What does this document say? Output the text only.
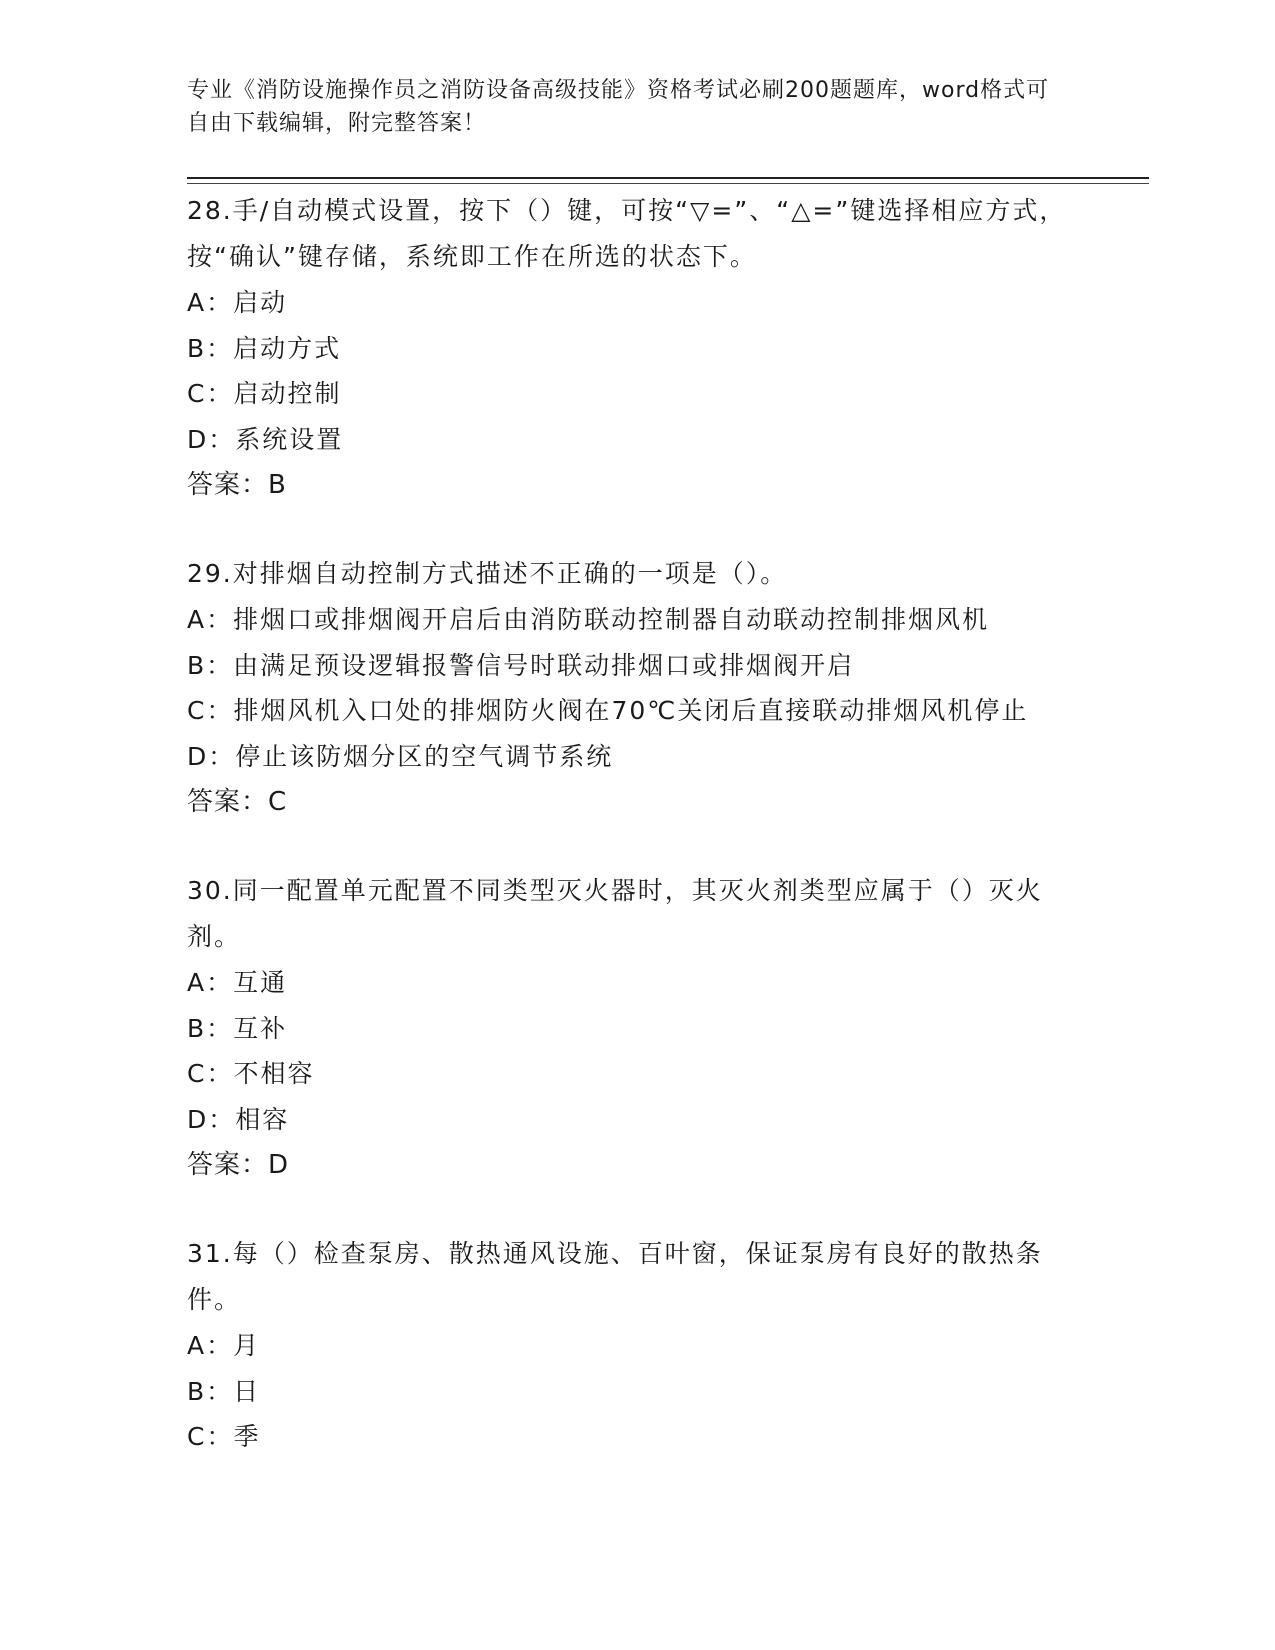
专业《消防设施操作员之消防设备高级技能》资格考试必刷200题题库，word格式可自由下载编辑，附完整答案！
28.手/自动模式设置，按下（）键，可按“▽=”、“△=”键选择相应方式，按“确认”键存储，系统即工作在所选的状态下。
A：启动
B：启动方式
C：启动控制
D：系统设置
答案：B
29.对排烟自动控制方式描述不正确的一项是（）。
A：排烟口或排烟阀开启后由消防联动控制器自动联动控制排烟风机
B：由满足预设逻辑报警信号时联动排烟口或排烟阀开启
C：排烟风机入口处的排烟防火阀在70℃关闭后直接联动排烟风机停止
D：停止该防烟分区的空气调节系统
答案：C
30.同一配置单元配置不同类型灭火器时，其灭火剂类型应属于（）灭火剂。
A：互通
B：互补
C：不相容
D：相容
答案：D
31.每（）检查泵房、散热通风设施、百叶窗，保证泵房有良好的散热条件。
A：月
B：日
C：季
